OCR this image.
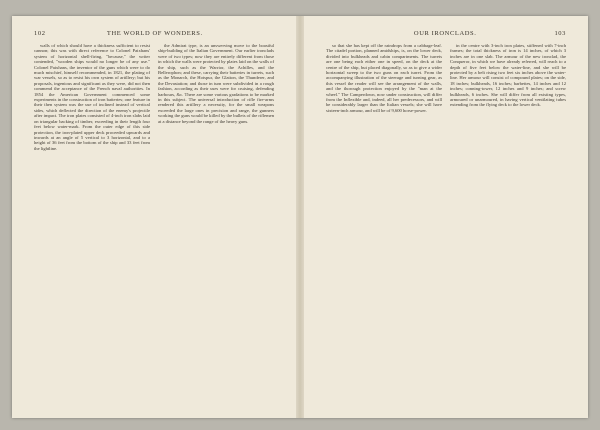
102	THE WORLD OF WONDERS.

walls of which should have a thickness sufficient to resist cannon; this was with direct reference to Colonel Paixhans' system of horizontal shell-firing, "because," the writer contended, "wooden ships would no longer be of any use." Colonel Paixhans, the inventor of the guns which were to do much mischief, himself recommended, in 1821, the plating of war vessels, so as to resist his own system of artillery; but his proposals, ingenious and significant as they were, did not then commend the acceptance of the French naval authorities. In 1854 the American Government commenced some experiments in the construction of iron batteries; one feature in their then system was the use of inclined instead of vertical sides, which deflected the direction of the enemy's projectile after impact. The iron plates consisted of 4-inch iron slabs laid on triangular backing of timber, exceeding in their length four feet below water-mark. From the outer edge of this side protection, the iron-plated upper deck proceeded upwards and inwards at an angle of 5 vertical to 3 horizontal, and to a height of 36 feet from the bottom of the ship and 33 feet from the lightline.

the Admirat type, is an unswerving move to the boastful ship-building of the Italian Government. Our earlier ironclads were of two types; now they are entirely different from those in which the walls were protected by plates laid on the walls of the ship, such as the Warrior, the Achilles, and the Bellerophon; and these, carrying their batteries in turrets, such as the Monarch, the Hotspur, the Glatton, the Thunderer, and the Devastation; and those in turn were subdivided in a rough fashion, according as their uses were for cruising, defending harbours, &c. There are some various gradations to be marked in this subject. The universal introduction of rifle fire-arms rendered this artillery a necessity, for the small weapons exceeded the large ones in precision and range, the gunners working the guns would be killed by the bullets of the riflemen at a distance beyond the range of the heavy guns.

OUR IRONCLADS.	103

so that she has kept off the raindrops from a cabbage-leaf. The citadel portion, planned amidships, is, on the lower deck, divided into bulkheads and cabin compartments. The turrets are one being each either one in speed, on the deck at the centre of the ship, but placed diagonally, so as to give a wider horizontal sweep to the two guns on each turret. From the accompanying illustration of the steerage and turning gear, as this vessel the reader will see the arrangement of the walls, and the thorough protection enjoyed by the "man at the wheel." The Camperdown, now under construction, will differ from the Inflexible and, indeed, all her predecessors, and will be considerably larger than the Italian vessels; she will have sixteen-inch armour, and will be of 9,600 horse-power.

in the centre with 3-inch iron plates, stiffened with 7-inch frames; the total thickness of iron is 14 inches, of which 3 inches are in one slab. The armour of the new ironclad, the Conqueror, in which we have already referred, will reach to a depth of five feet below the water-line, and she will be protected by a belt rising two feet six inches above the water-line. Her armour will consist of compound plates; on the side, 18 inches; bulkheads, 16 inches; barbettes, 14 inches and 12 inches; conning-tower, 12 inches and 9 inches; and screw bulkheads, 6 inches. She will differ from all existing types, armoured or unarmoured, in having vertical ventilating tubes extending from the flying deck to the lower deck.
